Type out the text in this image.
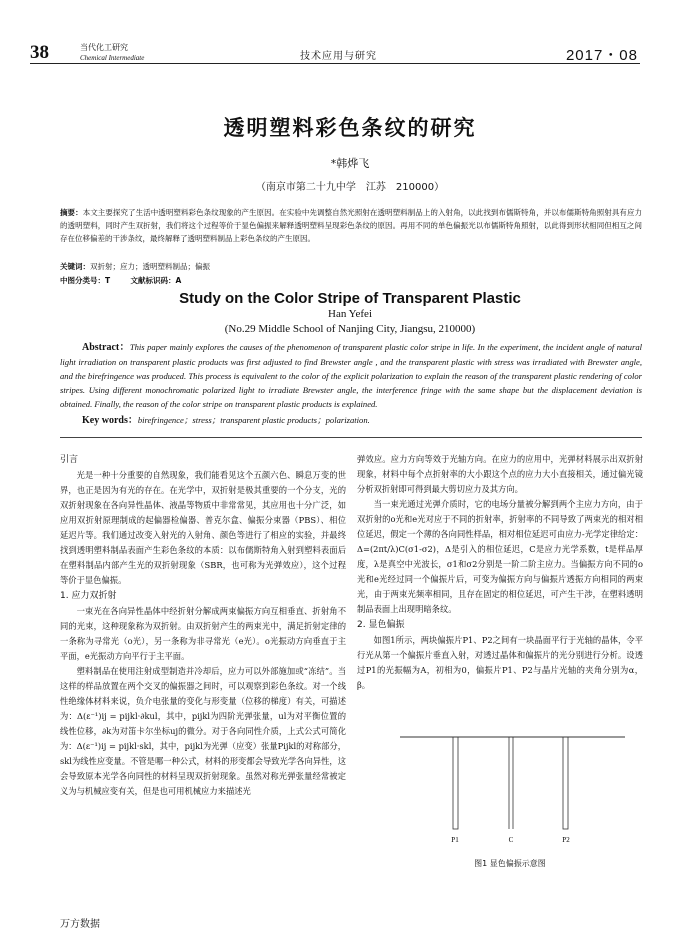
38	当代化工研究
Chemical Intermediate	技术应用与研究	2017・08
透明塑料彩色条纹的研究
*韩烨飞
（南京市第二十九中学　江苏　210000）
摘要：本文主要探究了生活中透明塑料彩色条纹现象的产生原因。在实验中先调整自然光照射在透明塑料制品上的入射角，以此找到布儒斯特角，并以布儒斯特角照射具有应力的透明塑料，同时产生双折射，我们将这个过程等价于显色偏振来解释透明塑料呈现彩色条纹的原因。再用不同的单色偏振光以布儒斯特角照射，以此得到形状相同但相互之间存在位移偏差的干涉条纹，最终解释了透明塑料制品上彩色条纹的产生原因。
关键词：双折射；应力；透明塑料制品；偏振
中图分类号：T	文献标识码：A
Study on the Color Stripe of Transparent Plastic
Han Yefei
(No.29 Middle School of Nanjing City, Jiangsu, 210000)
Abstract：This paper mainly explores the causes of the phenomenon of transparent plastic color stripe in life. In the experiment, the incident angle of natural light irradiation on transparent plastic products was first adjusted to find Brewster angle , and the transparent plastic with stress was irradiated with Brewster angle, and the birefringence was produced. This process is equivalent to the color of the explicit polarization to explain the reason of the transparent plastic rendering of color stripes. Using different monochromatic polarized light to irradiate Brewster angle, the interference fringe with the same shape but the displacement deviation is obtained. Finally, the reason of the color stripe on transparent plastic products is explained.
Key words：birefringence；stress；transparent plastic products；polarization.
引言

光是一种十分重要的自然现象，我们能看见这个五颜六色、瞬息万变的世界，也正是因为有光的存在。在光学中，双折射是极其重要的一个分支，光的双折射现象在各向异性晶体、液晶等物质中非常常见，其应用也十分广泛，如应用双折射原理制成的起偏器检偏器、普克尔盒、偏振分束器（PBS）、相位延迟片等。我们通过改变入射光的入射角、颜色等进行了相应的实验，并最终找到透明塑料制品表面产生彩色条纹的本质：以布儒斯特角入射到塑料表面后在塑料制品内部产生光的双折射现象（SBR，也可称为光弹效应），这个过程等价于显色偏振。

1. 应力双折射

一束光在各向异性晶体中经折射分解成两束偏振方向互相垂直、折射角不同的光束，这种现象称为双折射。由双折射产生的两束光中，满足折射定律的一条称为寻常光（o光），另一条称为非寻常光（e光）。o光振动方向垂直于主平面，e光振动方向平行于主平面。

塑料制品在使用注射成型制造并冷却后，应力可以外部施加或“冻结”。当这样的样品放置在两个交叉的偏振器之间时，可以观察到彩色条纹。对一个线性绝缘体材料来说，负介电张量的变化与形变量（位移的梯度）有关，可描述为：Δ(ε⁻¹)ij = pijkl·∂kul，其中，pijkl为四阶光弹张量，ul为对平衡位置的线性位移，∂k为对笛卡尔坐标uj的微分。对于各向同性介质，上式公式可简化为：Δ(ε⁻¹)ij = pijkl·skl，其中，pijkl为光弹（应变）张量Pijkl的对称部分，skl为线性应变量。不管是哪一种公式，材料的形变都会导致光学各向异性，这会导致原本光学各向同性的材料呈现双折射现象。虽然对称光弹张量经常被定义为与机械应变有关，但是也可用机械应力来描述光

弹效应。应力方向等效于光轴方向。在应力的应用中，光弹材料展示出双折射现象，材料中每个点折射率的大小跟这个点的应力大小直接相关，通过偏光镜分析双折射即可得到最大剪切应力及其方向。

当一束光通过光弹介质时，它的电场分量被分解到两个主应力方向，由于双折射的o光和e光对应于不同的折射率，折射率的不同导致了两束光的相对相位延迟，假定一个薄的各向同性样品，相对相位延迟可由应力-光学定律给定：Δ=(2πt/λ)C(σ1-σ2)，Δ是引入的相位延迟，C是应力光学系数，t是样品厚度，λ是真空中光波长，σ1和σ2分别是一阶二阶主应力。当偏振方向不同的o光和e光经过同一个偏振片后，可变为偏振方向与偏振片透振方向相同的两束光，由于两束光频率相同，且存在固定的相位延迟，可产生干涉，在塑料透明制品表面上出现明暗条纹。

2. 显色偏振

如图1所示，两块偏振片P1、P2之间有一块晶面平行于光轴的晶体，令平行光从第一个偏振片垂直入射，对透过晶体和偏振片的光分别进行分析。设透过P1的光振幅为A，初相为0，偏振片P1、P2与晶片光轴的夹角分别为α，β。

P1	C	P2
图1 显色偏振示意图
万方数据
